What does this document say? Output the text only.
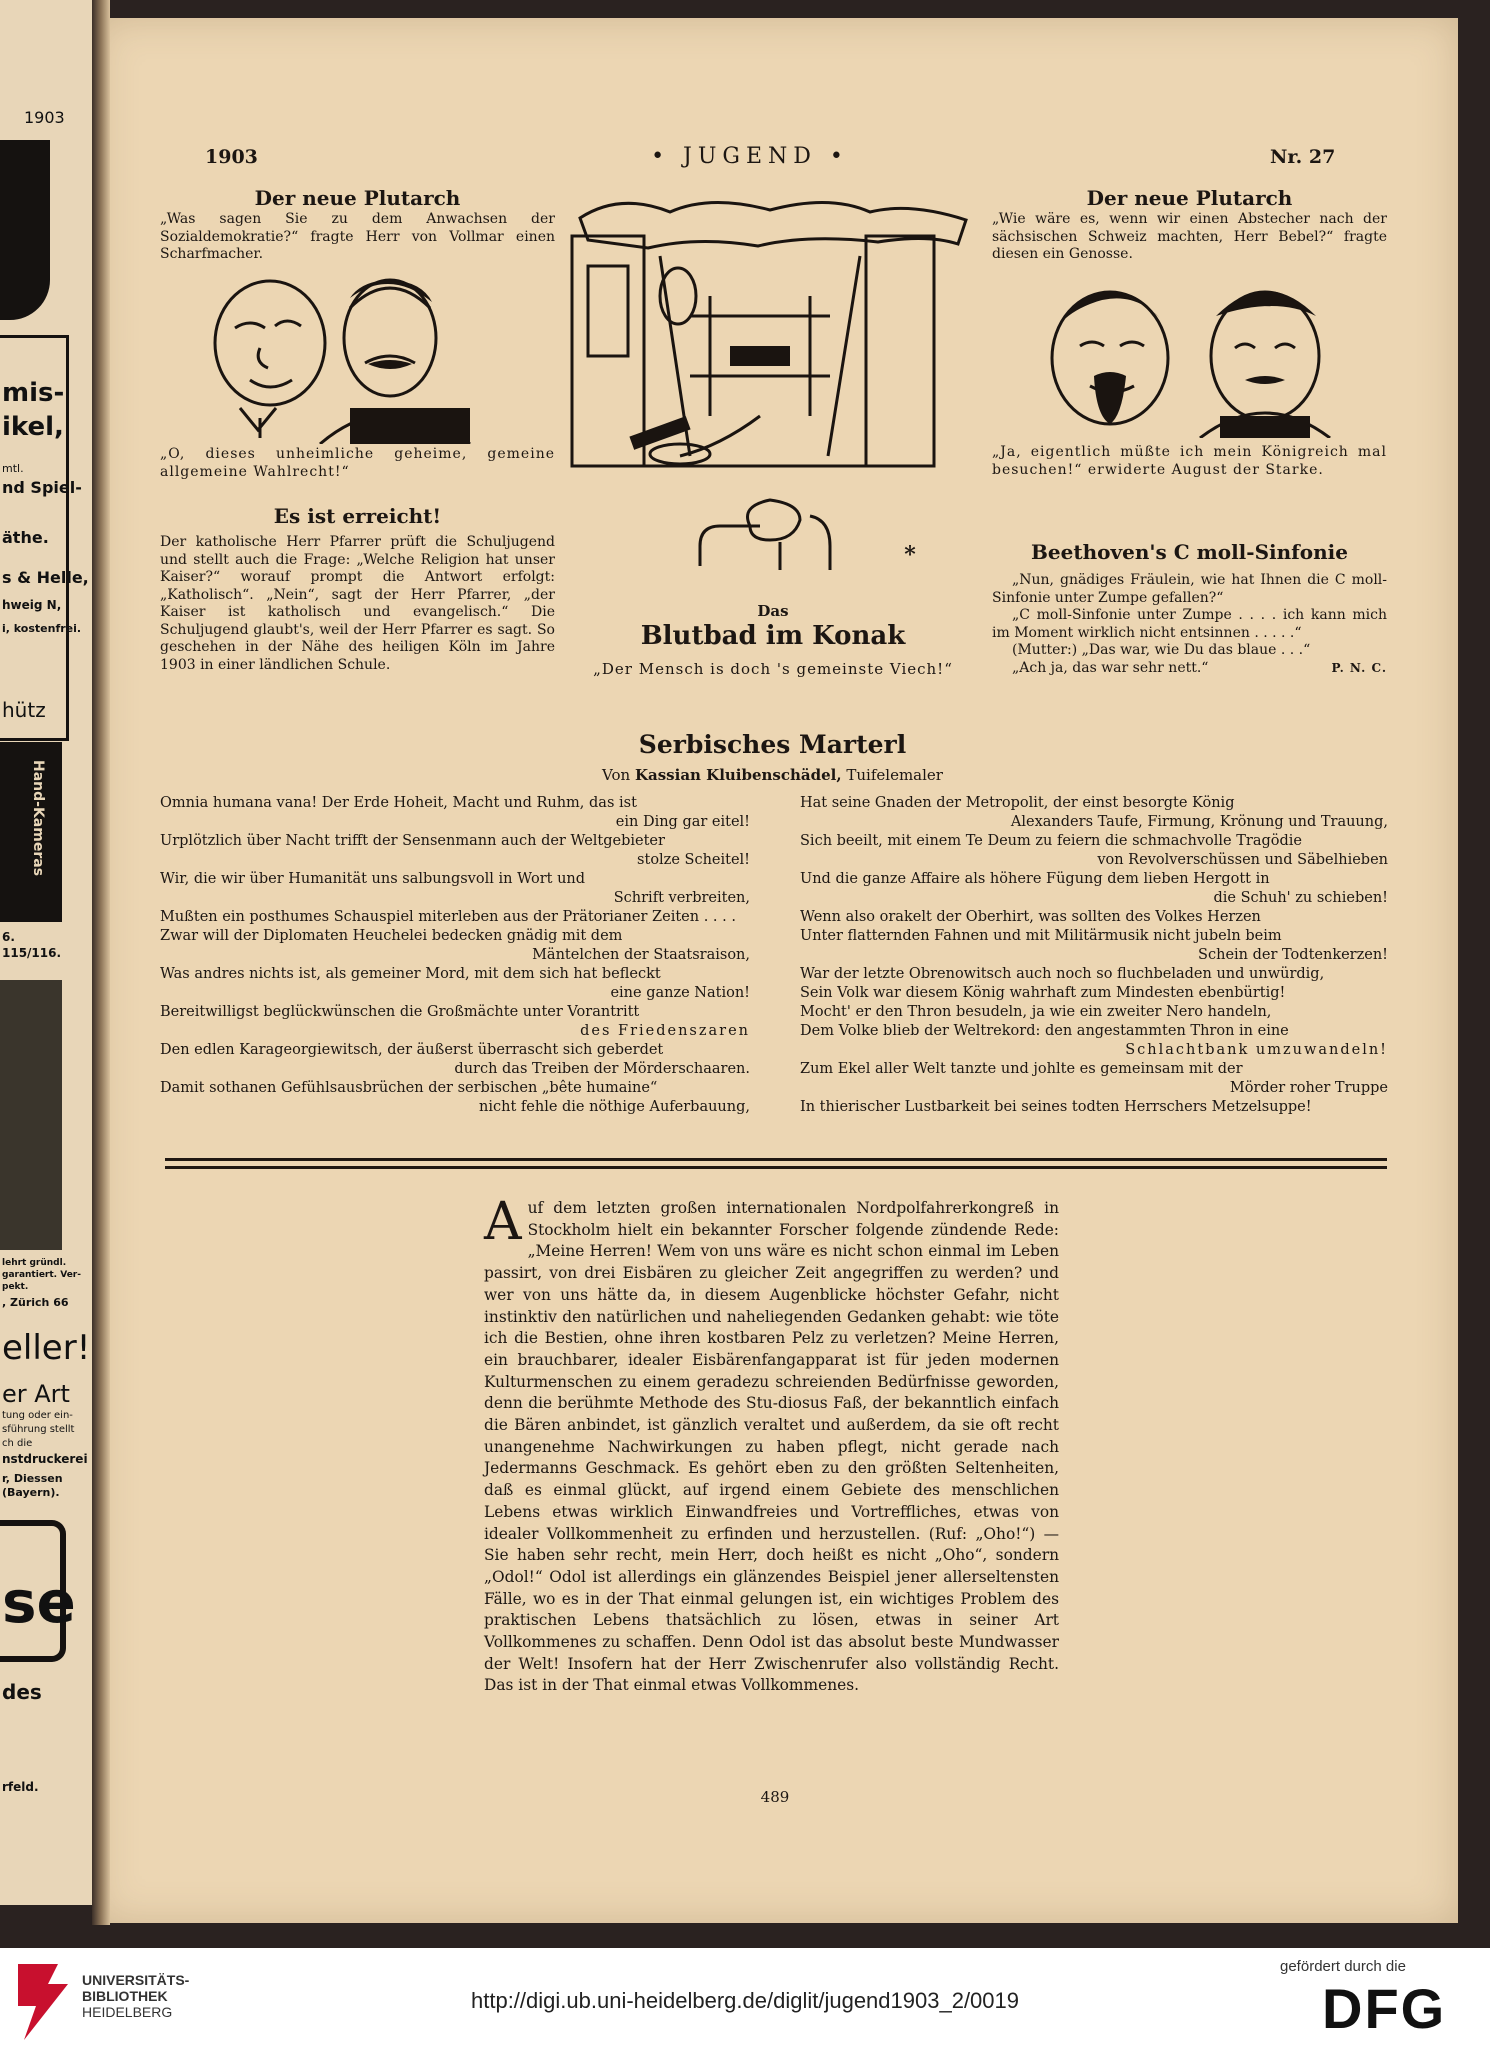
1903
mis-
ikel,
mtl.
nd Spiel-
äthe.
s & Helle,
hweig N,
i, kostenfrei.
hütz
Hand-Kameras
6.
115/116.
lehrt gründl.
garantiert. Ver-
pekt.
, Zürich 66
eller!
er Art
tung oder ein-
sführung stellt
ch die
nstdruckerei
r, Diessen
(Bayern).
se
des
rfeld.
1903	• JUGEND •	Nr. 27
Der neue Plutarch
„Was sagen Sie zu dem Anwachsen der Sozialdemokratie?“ fragte Herr von Vollmar einen Scharfmacher.
„O, dieses unheimliche geheime, gemeine allgemeine Wahlrecht!“
Es ist erreicht!
Der katholische Herr Pfarrer prüft die Schuljugend und stellt auch die Frage: „Welche Religion hat unser Kaiser?“ worauf prompt die Antwort erfolgt: „Katholisch“. „Nein“, sagt der Herr Pfarrer, „der Kaiser ist katholisch und evangelisch.“ Die Schuljugend glaubt's, weil der Herr Pfarrer es sagt. So geschehen in der Nähe des heiligen Köln im Jahre 1903 in einer ländlichen Schule.
*
Das
Blutbad im Konak
„Der Mensch is doch 's gemeinste Viech!“
Der neue Plutarch
„Wie wäre es, wenn wir einen Abstecher nach der sächsischen Schweiz machten, Herr Bebel?“ fragte diesen ein Genosse.
„Ja, eigentlich müßte ich mein Königreich mal besuchen!“ erwiderte August der Starke.
Beethoven's C moll-Sinfonie
„Nun, gnädiges Fräulein, wie hat Ihnen die C moll-Sinfonie unter Zumpe gefallen?“
„C moll-Sinfonie unter Zumpe . . . . ich kann mich im Moment wirklich nicht entsinnen . . . . .“
(Mutter:) „Das war, wie Du das blaue . . .“
„Ach ja, das war sehr nett.“	P. N. C.
Serbisches Marterl
Von Kassian Kluibenschädel, Tuifelemaler
Omnia humana vana! Der Erde Hoheit, Macht und Ruhm, das ist
ein Ding gar eitel!
Urplötzlich über Nacht trifft der Sensenmann auch der Weltgebieter
stolze Scheitel!
Wir, die wir über Humanität uns salbungsvoll in Wort und
Schrift verbreiten,
Mußten ein posthumes Schauspiel miterleben aus der Prätorianer Zeiten . . . .
Zwar will der Diplomaten Heuchelei bedecken gnädig mit dem
Mäntelchen der Staatsraison,
Was andres nichts ist, als gemeiner Mord, mit dem sich hat befleckt
eine ganze Nation!
Bereitwilligst beglückwünschen die Großmächte unter Vorantritt
des Friedenszaren
Den edlen Karageorgiewitsch, der äußerst überrascht sich geberdet
durch das Treiben der Mörderschaaren.
Damit sothanen Gefühlsausbrüchen der serbischen „bête humaine“
nicht fehle die nöthige Auferbauung,
Hat seine Gnaden der Metropolit, der einst besorgte König
Alexanders Taufe, Firmung, Krönung und Trauung,
Sich beeilt, mit einem Te Deum zu feiern die schmachvolle Tragödie
von Revolverschüssen und Säbelhieben
Und die ganze Affaire als höhere Fügung dem lieben Hergott in
die Schuh' zu schieben!
Wenn also orakelt der Oberhirt, was sollten des Volkes Herzen
Unter flatternden Fahnen und mit Militärmusik nicht jubeln beim
Schein der Todtenkerzen!
War der letzte Obrenowitsch auch noch so fluchbeladen und unwürdig,
Sein Volk war diesem König wahrhaft zum Mindesten ebenbürtig!
Mocht' er den Thron besudeln, ja wie ein zweiter Nero handeln,
Dem Volke blieb der Weltrekord: den angestammten Thron in eine
Schlachtbank umzuwandeln!
Zum Ekel aller Welt tanzte und johlte es gemeinsam mit der
Mörder roher Truppe
In thierischer Lustbarkeit bei seines todten Herrschers Metzelsuppe!
Auf dem letzten großen internationalen Nordpolfahrerkongreß in Stockholm hielt ein bekannter Forscher folgende zündende Rede: „Meine Herren! Wem von uns wäre es nicht schon einmal im Leben passirt, von drei Eisbären zu gleicher Zeit angegriffen zu werden? und wer von uns hätte da, in diesem Augenblicke höchster Gefahr, nicht instinktiv den natürlichen und naheliegenden Gedanken gehabt: wie töte ich die Bestien, ohne ihren kostbaren Pelz zu verletzen? Meine Herren, ein brauchbarer, idealer Eisbärenfangapparat ist für jeden modernen Kulturmenschen zu einem geradezu schreienden Bedürfnisse geworden, denn die berühmte Methode des Stu-diosus Faß, der bekanntlich einfach die Bären anbindet, ist gänzlich veraltet und außerdem, da sie oft recht unangenehme Nachwirkungen zu haben pflegt, nicht gerade nach Jedermanns Geschmack. Es gehört eben zu den größten Seltenheiten, daß es einmal glückt, auf irgend einem Gebiete des menschlichen Lebens etwas wirklich Einwandfreies und Vortreffliches, etwas von idealer Vollkommenheit zu erfinden und herzustellen. (Ruf: „Oho!“) — Sie haben sehr recht, mein Herr, doch heißt es nicht „Oho“, sondern „Odol!“ Odol ist allerdings ein glänzendes Beispiel jener allerseltensten Fälle, wo es in der That einmal gelungen ist, ein wichtiges Problem des praktischen Lebens thatsächlich zu lösen, etwas in seiner Art Vollkommenes zu schaffen. Denn Odol ist das absolut beste Mundwasser der Welt! Insofern hat der Herr Zwischenrufer also vollständig Recht. Das ist in der That einmal etwas Vollkommenes.
489
UNIVERSITÄTS-
BIBLIOTHEK
HEIDELBERG	http://digi.ub.uni-heidelberg.de/diglit/jugend1903_2/0019
gefördert durch die
DFG
